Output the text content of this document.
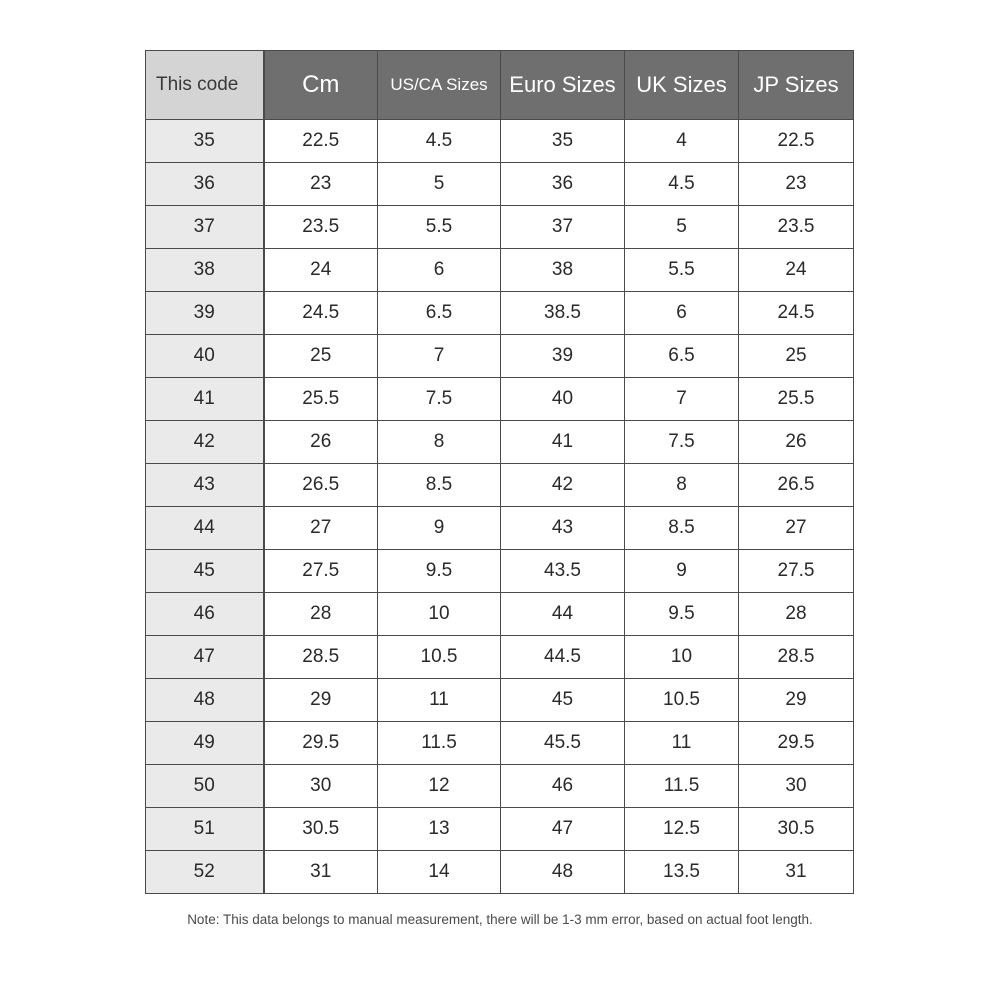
This code	Cm	US/CA Sizes	Euro Sizes	UK Sizes	JP Sizes
35	22.5	4.5	35	4	22.5
36	23	5	36	4.5	23
37	23.5	5.5	37	5	23.5
38	24	6	38	5.5	24
39	24.5	6.5	38.5	6	24.5
40	25	7	39	6.5	25
41	25.5	7.5	40	7	25.5
42	26	8	41	7.5	26
43	26.5	8.5	42	8	26.5
44	27	9	43	8.5	27
45	27.5	9.5	43.5	9	27.5
46	28	10	44	9.5	28
47	28.5	10.5	44.5	10	28.5
48	29	11	45	10.5	29
49	29.5	11.5	45.5	11	29.5
50	30	12	46	11.5	30
51	30.5	13	47	12.5	30.5
52	31	14	48	13.5	31
Note: This data belongs to manual measurement, there will be 1-3 mm error, based on actual foot length.
